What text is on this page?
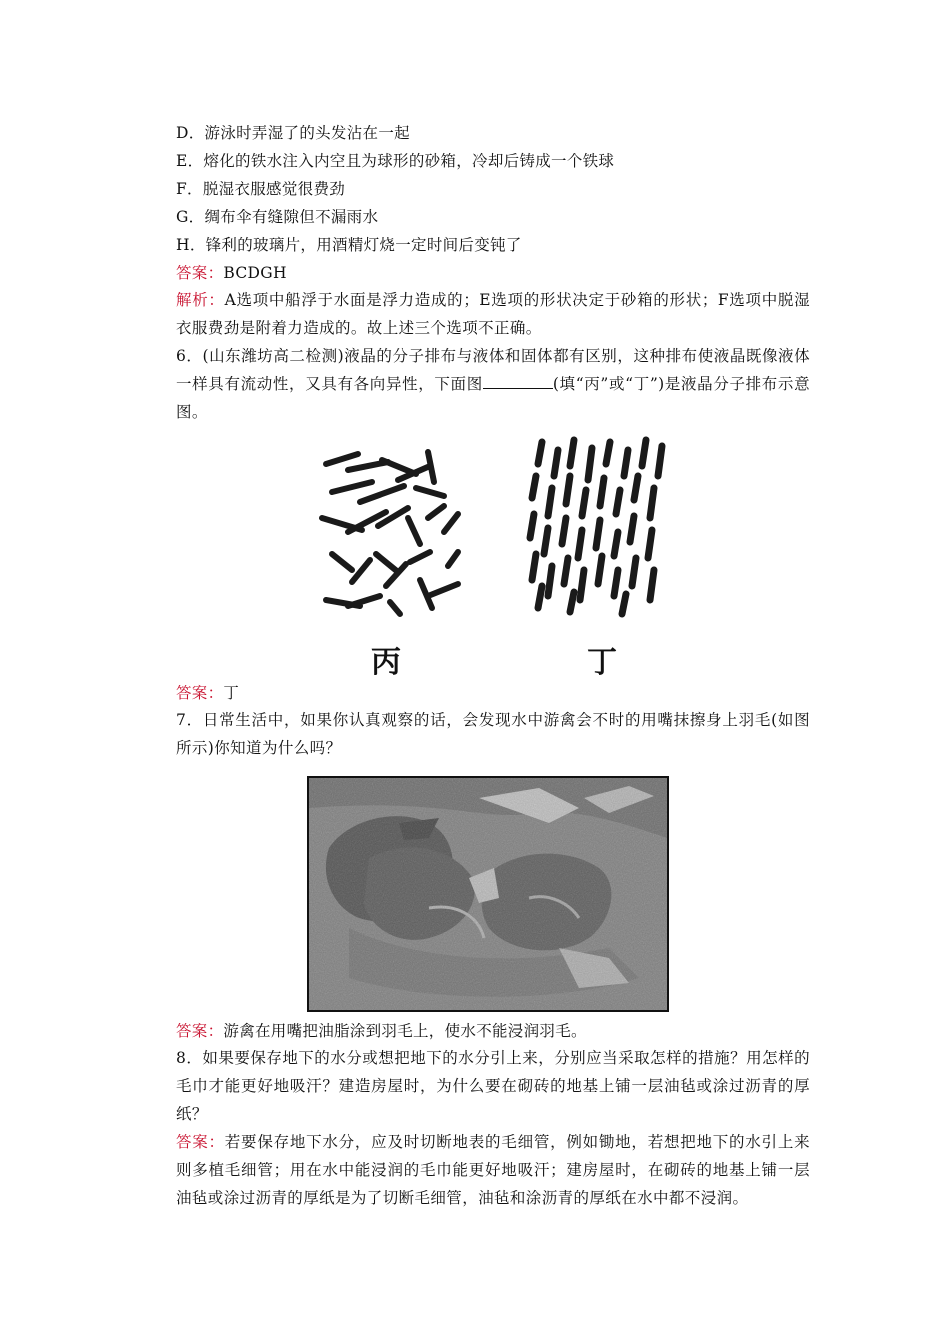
D．游泳时弄湿了的头发沾在一起
E．熔化的铁水注入内空且为球形的砂箱，冷却后铸成一个铁球
F．脱湿衣服感觉很费劲
G．绸布伞有缝隙但不漏雨水
H．锋利的玻璃片，用酒精灯烧一定时间后变钝了
答案：BCDGH
解析：A选项中船浮于水面是浮力造成的；E选项的形状决定于砂箱的形状；F选项中脱湿衣服费劲是附着力造成的。故上述三个选项不正确。
6．(山东潍坊高二检测)液晶的分子排布与液体和固体都有区别，这种排布使液晶既像液体一样具有流动性，又具有各向异性，下面图	(填“丙”或“丁”)是液晶分子排布示意图。
丙	丁
答案：丁
7．日常生活中，如果你认真观察的话，会发现水中游禽会不时的用嘴抹擦身上羽毛(如图所示)你知道为什么吗？
答案：游禽在用嘴把油脂涂到羽毛上，使水不能浸润羽毛。
8．如果要保存地下的水分或想把地下的水分引上来，分别应当采取怎样的措施？用怎样的毛巾才能更好地吸汗？建造房屋时，为什么要在砌砖的地基上铺一层油毡或涂过沥青的厚纸？
答案：若要保存地下水分，应及时切断地表的毛细管，例如锄地，若想把地下的水引上来则多植毛细管；用在水中能浸润的毛巾能更好地吸汗；建房屋时，在砌砖的地基上铺一层油毡或涂过沥青的厚纸是为了切断毛细管，油毡和涂沥青的厚纸在水中都不浸润。
